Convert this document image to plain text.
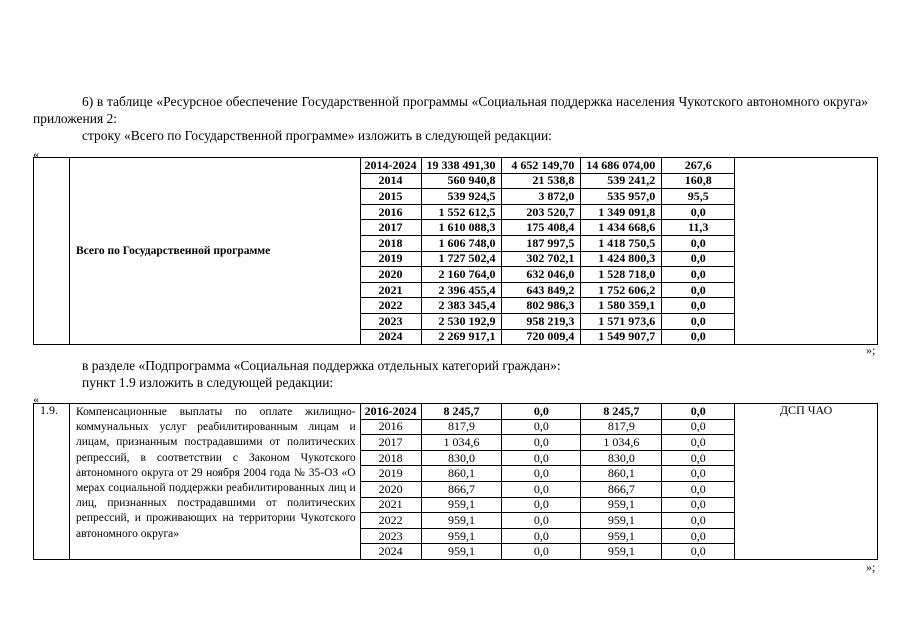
6) в таблице «Ресурсное обеспечение Государственной программы «Социальная поддержка населения Чукотского автономного округа» приложения 2:
строку «Всего по Государственной программе» изложить в следующей редакции:
«
	Всего по Государственной программе	2014-2024	19 338 491,30	4 652 149,70	14 686 074,00	267,6	
		2014	560 940,8	21 538,8	539 241,2	160,8	
		2015	539 924,5	3 872,0	535 957,0	95,5	
		2016	1 552 612,5	203 520,7	1 349 091,8	0,0	
		2017	1 610 088,3	175 408,4	1 434 668,6	11,3	
		2018	1 606 748,0	187 997,5	1 418 750,5	0,0	
		2019	1 727 502,4	302 702,1	1 424 800,3	0,0	
		2020	2 160 764,0	632 046,0	1 528 718,0	0,0	
		2021	2 396 455,4	643 849,2	1 752 606,2	0,0	
		2022	2 383 345,4	802 986,3	1 580 359,1	0,0	
		2023	2 530 192,9	958 219,3	1 571 973,6	0,0	
		2024	2 269 917,1	720 009,4	1 549 907,7	0,0	
»;
в разделе «Подпрограмма «Социальная поддержка отдельных категорий граждан»:
пункт 1.9 изложить в следующей редакции:
«
1.9.	Компенсационные выплаты по оплате жилищно-коммунальных услуг реабилитированным лицам и лицам, признанным пострадавшими от политических репрессий, в соответствии с Законом Чукотского автономного округа от 29 ноября 2004 года № 35-ОЗ «О мерах социальной поддержки реабилитированных лиц и лиц, признанных пострадавшими от политических репрессий, и проживающих на территории Чукотского автономного округа»	2016-2024	8 245,7	0,0	8 245,7	0,0	ДСП ЧАО
		2016	817,9	0,0	817,9	0,0	
		2017	1 034,6	0,0	1 034,6	0,0	
		2018	830,0	0,0	830,0	0,0	
		2019	860,1	0,0	860,1	0,0	
		2020	866,7	0,0	866,7	0,0	
		2021	959,1	0,0	959,1	0,0	
		2022	959,1	0,0	959,1	0,0	
		2023	959,1	0,0	959,1	0,0	
		2024	959,1	0,0	959,1	0,0	
»;
